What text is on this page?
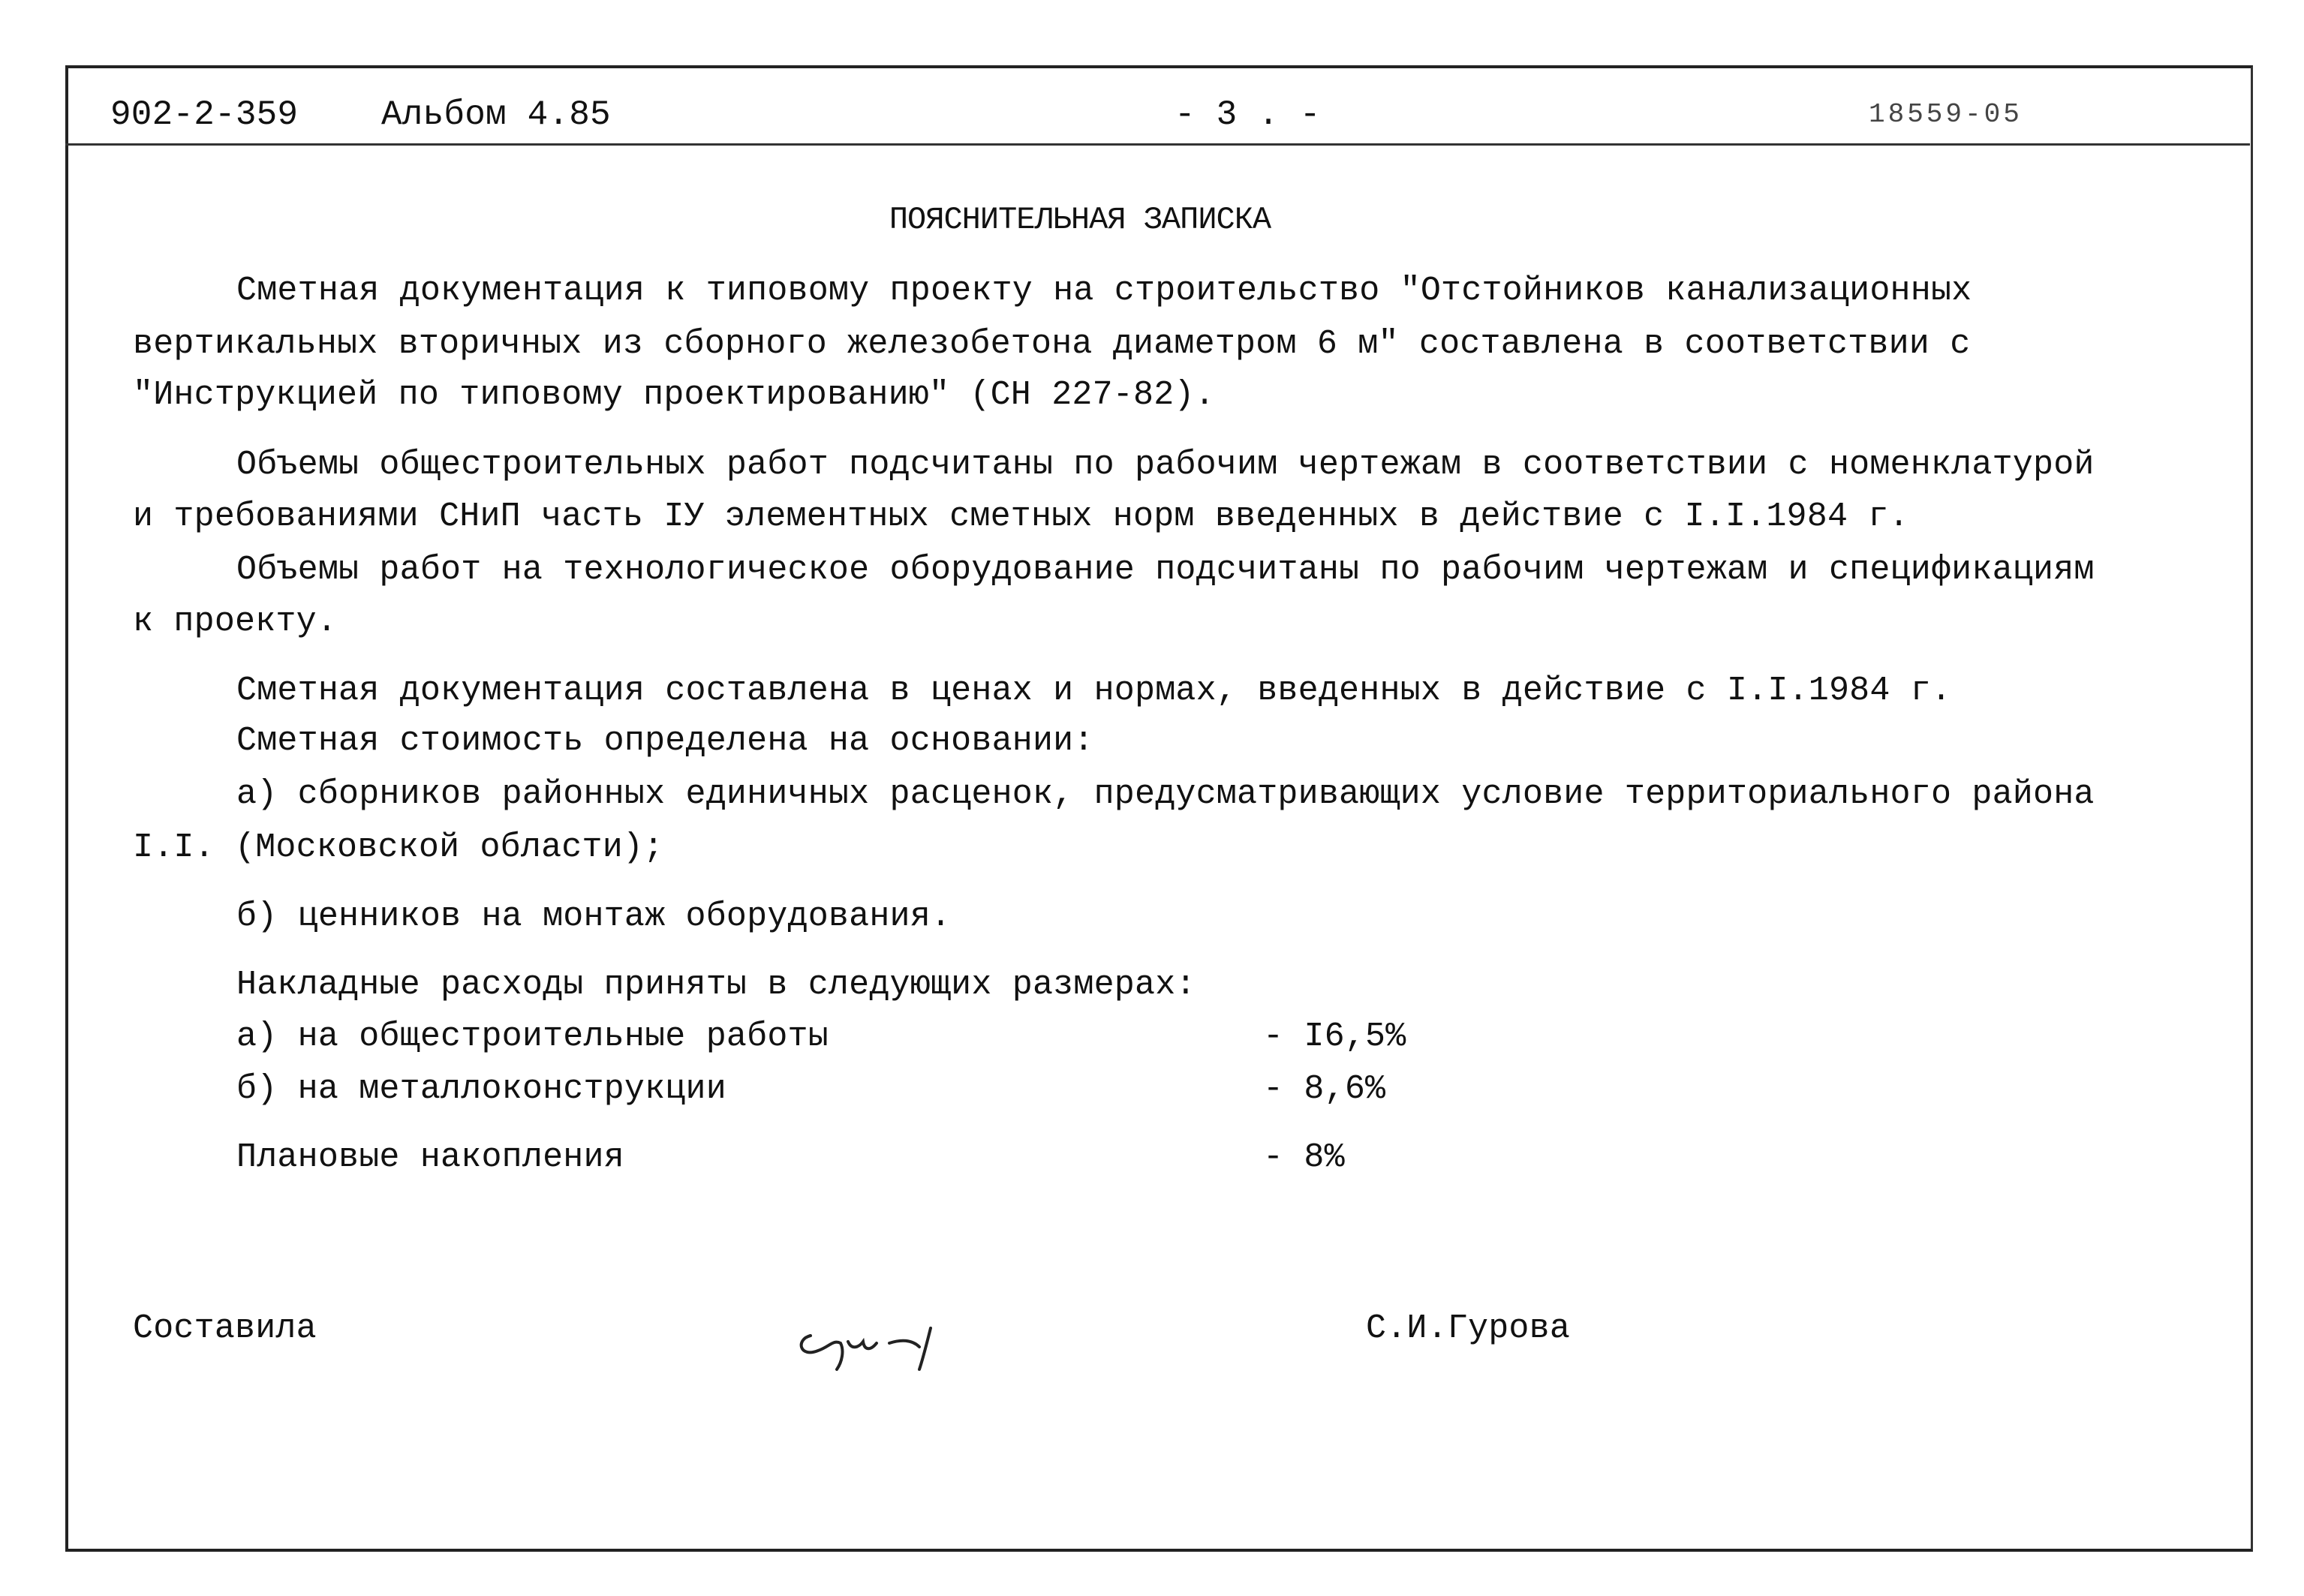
902-2-359 Альбом 4.85	- 3 . -	18559-05
ПОЯСНИТЕЛЬНАЯ ЗАПИСКА
Сметная документация к типовому проекту на строительство "Отстойников канализационных
вертикальных вторичных из сборного железобетона диаметром 6 м" составлена в соответствии с
"Инструкцией по типовому проектированию" (СН 227-82).
Объемы общестроительных работ подсчитаны по рабочим чертежам в соответствии с номенклатурой
и требованиями СНиП часть IУ элементных сметных норм введенных в действие с I.I.1984 г.
Объемы работ на технологическое оборудование подсчитаны по рабочим чертежам и спецификациям
к проекту.
Сметная документация составлена в ценах и нормах, введенных в действие с I.I.1984 г.
Сметная стоимость определена на основании:
а) сборников районных единичных расценок, предусматривающих условие территориального района
I.I. (Московской области);
б) ценников на монтаж оборудования.
Накладные расходы приняты в следующих размерах:
а) на общестроительные работы	- I6,5%
б) на металлоконструкции	- 8,6%
Плановые накопления	- 8%
Составила	С.И.Гурова
